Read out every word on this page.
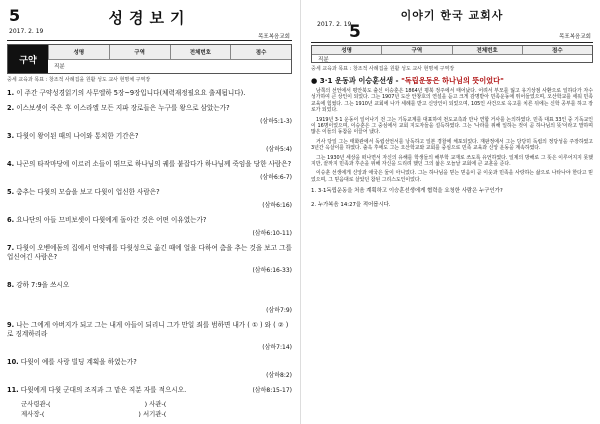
5	성경보기
2017. 2. 19
목포복음교회
구약
성명	구역	전체번호	점수
직분
중세 교육과 목표 : 창조적 사례집을 원활 성도 교사 현명체 구역장
1. 이 주간 구약성경읽기의 사무엘하 5장~9장입니다(체력재정필요요 출제됩니다).
2. 이스보셋이 죽은 후 이스라엘 모든 지파 장로들은 누구를 왕으로 삼았는가?
(삼하5:1-3)
3. 다윗이 왕이된 때의 나이와 통치한 기간은?
(삼하5:4)
4. 나곤의 타작마당에 이르러 소들이 뛰므로 하나님의 궤를 붙잡다가 하나님께 죽임을 당한 사람은?
(삼하6:6-7)
5. 춤추는 다윗의 모습을 보고 다윗이 업신한 사람은?
(삼하6:16)
6. 요나단의 아들 므비보셋이 다윗에게 돌아간 것은 어떤 이유였는가?
(삼하6:10-11)
7. 다윗이 오벧에돔의 집에서 언약궤를 다윗성으로 옮긴 때에 얼을 다하여 춤을 추는 것을 보고 그를 업신여긴 사람은?
(삼하6:16-33)
8. 강하 7:9을 쓰시오
(삼하7:9)
9. 나는 그에게 아버지가 되고 그는 내게 아들이 되리니 그가 만일 죄를 범하면 내가 ( ① ) 와 ( ② ) 로 징계하리라
(삼하7:14)
10. 다윗이 예를 사랑 빌딩 계획을 하였는가?
(삼하8:2)
11. 다윗에게 다윗 군대의 조직과 그 맡은 직분 자를 적으시오.	(삼하8:15-17)
군사령관-(	) 사관-(
제사장-(	) 서기관-(
이야기 한국 교회사
2017. 2. 19
5	목포복음교회
성명	구역	전체번호	점수
직분
중세 교육과 목표 : 창조적 사례집을 원활 성도 교사 현명체 구역장
● 3·1 운동과 이승훈선생 - "독립운동은 하나님의 뜻이었다"

남쪽의 선언에서 평안북도 출신 이승훈은 1864년 평북 정주에서 태어났다. 어려서 부모를 잃고 유기상점 사환으로 일하다가 자수성가하여 큰 상인이 되었다. 그는 1907년 도산 안창호의 연설을 듣고 크게 감명받아 민족운동에 뛰어들었으며, 오산학교를 세워 민족 교육에 힘썼다. 그는 1910년 교회에 나가 세례를 받고 신앙인이 되었으며, 105인 사건으로 옥고를 치른 뒤에는 신학 공부를 하고 장로가 되었다.

1919년 3·1 운동이 일어나기 전 그는 기독교계를 대표하여 천도교측과 만나 연합 거사를 논의하였다. 민족 대표 33인 중 기독교인이 16명이었으며, 이승훈은 그 중심에서 교회 지도자들을 설득하였다. 그는 '나라를 위해 일하는 것이 곧 하나님의 뜻'이라고 말하며 많은 이들의 동참을 이끌어 냈다.

거사 당일 그는 태화관에서 독립선언서를 낭독하고 일본 경찰에 체포되었다. 재판정에서 그는 당당히 독립의 정당성을 주장하였고 3년간 옥살이를 하였다. 출옥 후에도 그는 오산학교와 교회를 중심으로 민족 교육과 신앙 운동을 계속하였다.

그는 1930년 세상을 떠나면서 자신의 유해를 학생들의 해부학 교재로 쓰도록 유언하였다. 일제의 방해로 그 뜻은 이루어지지 못했지만, 끝까지 민족과 후손을 위해 자신을 드리려 했던 그의 삶은 오늘날 교회에 큰 교훈을 준다.

이승훈 선생에게 신앙과 애국은 둘이 아니었다. 그는 하나님을 믿는 믿음이 곧 이웃과 민족을 사랑하는 삶으로 나타나야 한다고 믿었으며, 그 믿음대로 살았던 참된 그리스도인이었다.

1. 3·1독립운동을 처음 계획하고 이승훈선생에게 협력을 요청한 사람은 누구인가?
2. 누가복음 14:27을 적어봅시다.
